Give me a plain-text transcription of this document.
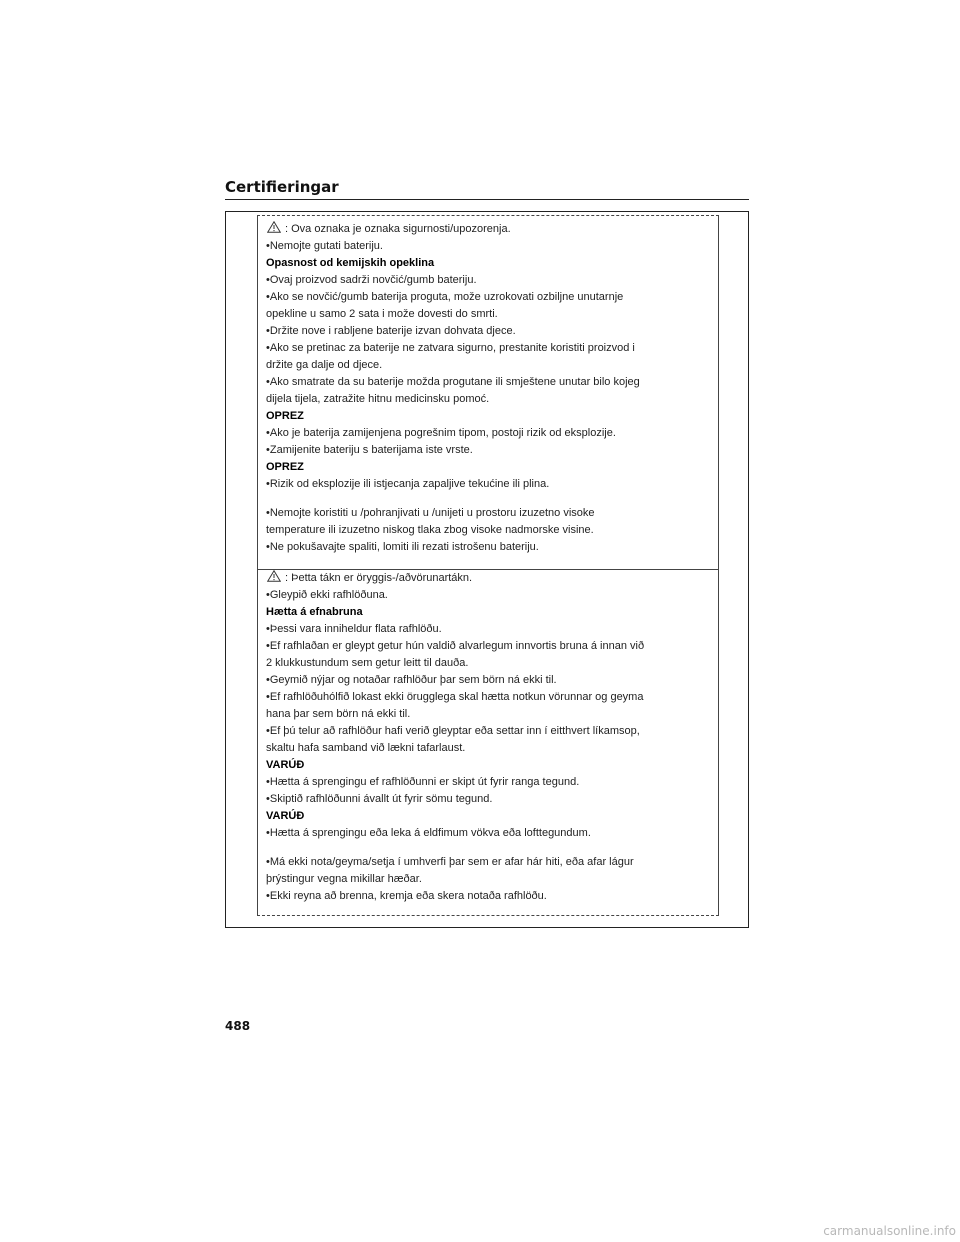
Certifieringar
: Ova oznaka je oznaka sigurnosti/upozorenja.
•Nemojte gutati bateriju.
Opasnost od kemijskih opeklina
•Ovaj proizvod sadrži novčić/gumb bateriju.
•Ako se novčić/gumb baterija proguta, može uzrokovati ozbiljne unutarnje
opekline u samo 2 sata i može dovesti do smrti.
•Držite nove i rabljene baterije izvan dohvata djece.
•Ako se pretinac za baterije ne zatvara sigurno, prestanite koristiti proizvod i
držite ga dalje od djece.
•Ako smatrate da su baterije možda progutane ili smještene unutar bilo kojeg
dijela tijela, zatražite hitnu medicinsku pomoć.
OPREZ
•Ako je baterija zamijenjena pogrešnim tipom, postoji rizik od eksplozije.
•Zamijenite bateriju s baterijama iste vrste.
OPREZ
•Rizik od eksplozije ili istjecanja zapaljive tekućine ili plina.
•Nemojte koristiti u /pohranjivati u /unijeti u prostoru izuzetno visoke
temperature ili izuzetno niskog tlaka zbog visoke nadmorske visine.
•Ne pokušavajte spaliti, lomiti ili rezati istrošenu bateriju.
: Þetta tákn er öryggis-/aðvörunartákn.
•Gleypið ekki rafhlöðuna.
Hætta á efnabruna
•Þessi vara inniheldur flata rafhlöðu.
•Ef rafhlaðan er gleypt getur hún valdið alvarlegum innvortis bruna á innan við
2 klukkustundum sem getur leitt til dauða.
•Geymið nýjar og notaðar rafhlöður þar sem börn ná ekki til.
•Ef rafhlöðuhólfið lokast ekki örugglega skal hætta notkun vörunnar og geyma
hana þar sem börn ná ekki til.
•Ef þú telur að rafhlöður hafi verið gleyptar eða settar inn í eitthvert líkamsop,
skaltu hafa samband við lækni tafarlaust.
VARÚÐ
•Hætta á sprengingu ef rafhlöðunni er skipt út fyrir ranga tegund.
•Skiptið rafhlöðunni ávallt út fyrir sömu tegund.
VARÚÐ
•Hætta á sprengingu eða leka á eldfimum vökva eða lofttegundum.
•Má ekki nota/geyma/setja í umhverfi þar sem er afar hár hiti, eða afar lágur
þrýstingur vegna mikillar hæðar.
•Ekki reyna að brenna, kremja eða skera notaða rafhlöðu.
488
carmanualsonline.info
